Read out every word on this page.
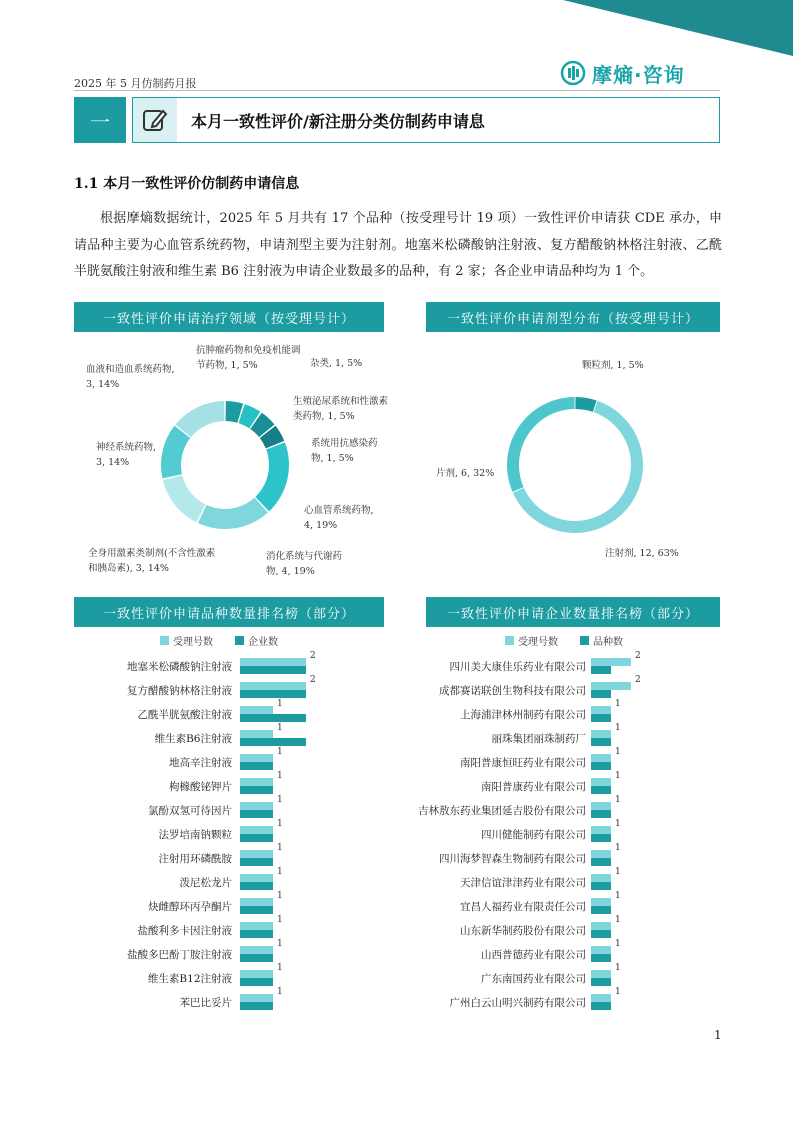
2025 年 5 月仿制药月报	摩熵·咨询
一	本月一致性评价/新注册分类仿制药申请息
1.1 本月一致性评价仿制药申请信息
根据摩熵数据统计，2025 年 5 月共有 17 个品种（按受理号计 19 项）一致性评价申请获 CDE 承办，申请品种主要为心血管系统药物，申请剂型主要为注射剂。地塞米松磷酸钠注射液、复方醋酸钠林格注射液、乙酰半胱氨酸注射液和维生素 B6 注射液为申请企业数最多的品种，有 2 家；各企业申请品种均为 1 个。
一致性评价申请治疗领域（按受理号计）
抗肿瘤药物和免疫机能调节药物, 1, 5%	杂类, 1, 5%
生殖泌尿系统和性激素类药物, 1, 5%
系统用抗感染药物, 1, 5%
心血管系统药物, 4, 19%
消化系统与代谢药物, 4, 19%
全身用激素类制剂(不含性激素和胰岛素), 3, 14%
神经系统药物, 3, 14%
血液和造血系统药物, 3, 14%
一致性评价申请剂型分布（按受理号计）
颗粒剂, 1, 5%
注射剂, 12, 63%
片剂, 6, 32%
一致性评价申请品种数量排名榜（部分）
受理号数	企业数
地塞米松磷酸钠注射液
2
复方醋酸钠林格注射液
2
乙酰半胱氨酸注射液
1
维生素B6注射液
1
地高辛注射液
1
枸橼酸铋钾片
1
氯酚双氢可待因片
1
法罗培南钠颗粒
1
注射用环磷酰胺
1
泼尼松龙片
1
炔雌醇环丙孕酮片
1
盐酸利多卡因注射液
1
盐酸多巴酚丁胺注射液
1
维生素B12注射液
1
苯巴比妥片
1
一致性评价申请企业数量排名榜（部分）
受理号数	品种数
四川美大康佳乐药业有限公司
2
成都赛诺联创生物科技有限公司
2
上海浦津林州制药有限公司
1
丽珠集团丽珠制药厂
1
南阳普康恒旺药业有限公司
1
南阳普康药业有限公司
1
吉林敖东药业集团延吉股份有限公司
1
四川健能制药有限公司
1
四川海梦智森生物制药有限公司
1
天津信谊津津药业有限公司
1
宜昌人福药业有限责任公司
1
山东新华制药股份有限公司
1
山西普德药业有限公司
1
广东南国药业有限公司
1
广州白云山明兴制药有限公司
1
1
